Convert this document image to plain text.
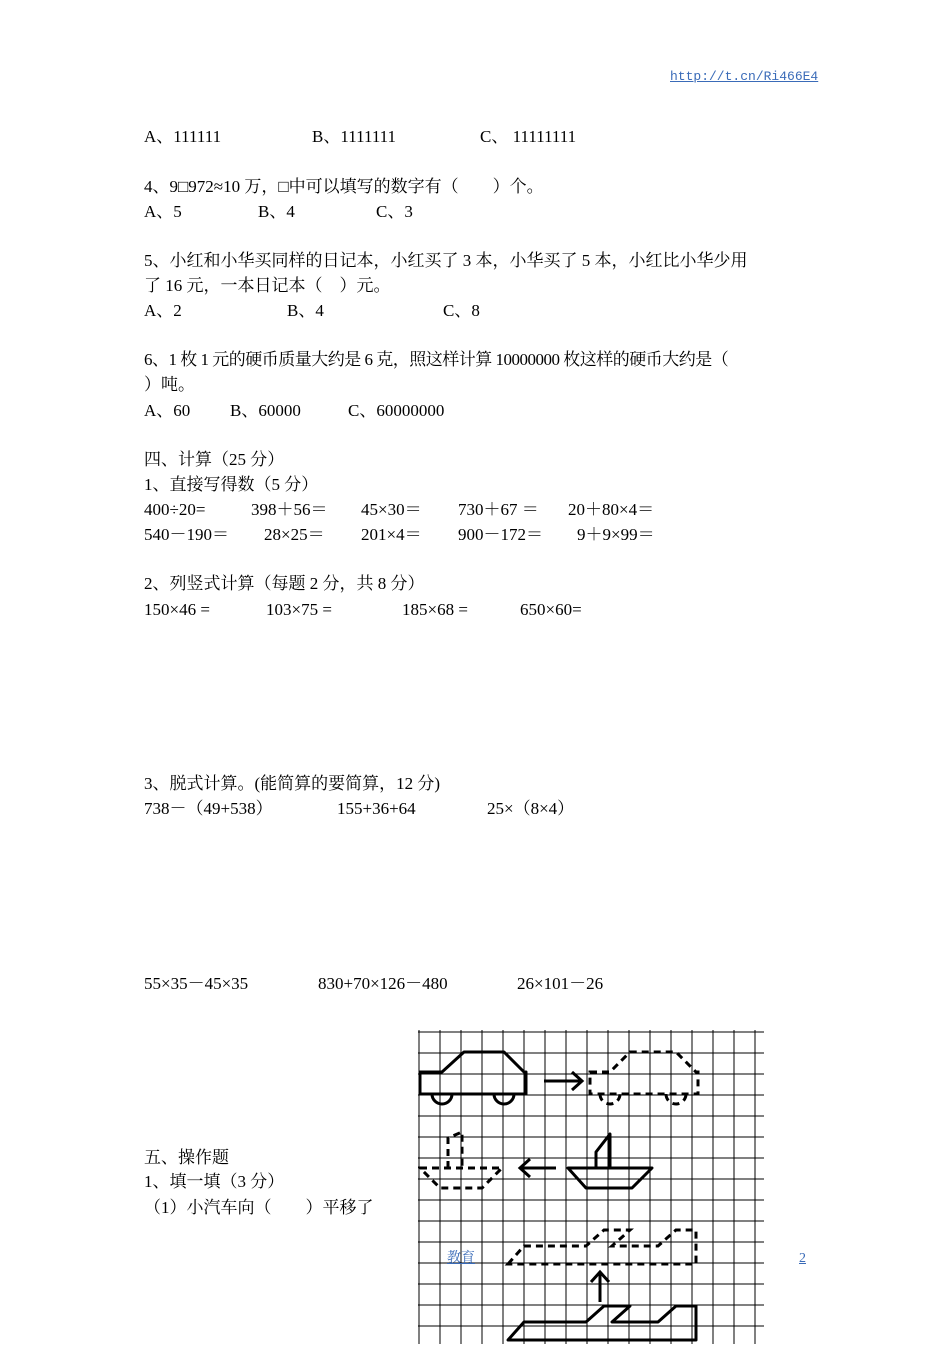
http://t.cn/Ri466E4
A、111111	B、1111111	C、 11111111
4、9□972≈10 万，□中可以填写的数字有（　　）个。
A、5	B、4	C、3
5、小红和小华买同样的日记本，小红买了 3 本，小华买了 5 本，小红比小华少用
了 16 元，一本日记本（　）元。
A、2	B、4	C、8
6、1 枚 1 元的硬币质量大约是 6 克，照这样计算 10000000 枚这样的硬币大约是（
）吨。
A、60 B、60000	C、60000000
四、计算（25 分）
1、直接写得数（5 分）
400÷20=	398＋56＝ 45×30＝ 730＋67 ＝ 20＋80×4＝
540－190＝ 28×25＝ 201×4＝ 900－172＝ 9＋9×99＝
2、列竖式计算（每题 2 分，共 8 分）
150×46 =	103×75 =	185×68 =	650×60=
3、脱式计算。(能简算的要简算，12 分)
738－（49+538）	155+36+64	25×（8×4）
55×35－45×35	830+70×126－480	26×101－26
五、操作题
1、填一填（3 分）
（1）小汽车向（　　）平移了
教育	2
